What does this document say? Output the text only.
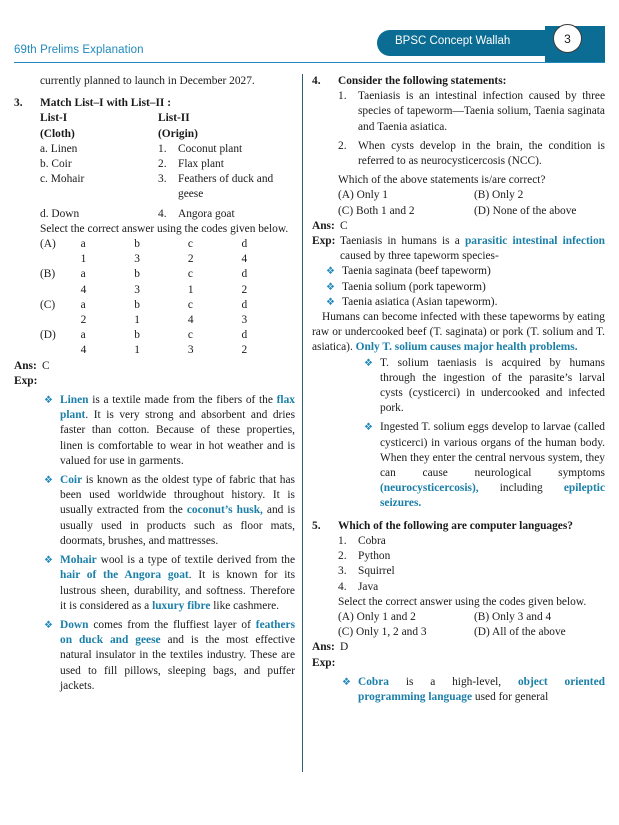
69th Prelims Explanation
BPSC Concept Wallah	3
currently planned to launch in December 2027.
3.	Match List–I with List–II :
List-I	List-II
(Cloth)	(Origin)
a. Linen	1.	Coconut plant
b. Coir	2.	Flax plant
c. Mohair	3.	Feathers of duck and
geese
d. Down	4.	Angora goat
Select the correct answer using the codes given below.
(A)	a	b	c	d
1	3	2	4
(B)	a	b	c	d
4	3	1	2
(C)	a	b	c	d
2	1	4	3
(D)	a	b	c	d
4	1	3	2
Ans: C
Exp:
❖ Linen is a textile made from the fibers of the flax plant. It is very strong and absorbent and dries faster than cotton. Because of these properties, linen is comfortable to wear in hot weather and is valued for use in garments.
❖ Coir is known as the oldest type of fabric that has been used worldwide throughout history. It is usually extracted from the coconut’s husk, and is usually used in products such as floor mats, doormats, brushes, and mattresses.
❖ Mohair wool is a type of textile derived from the hair of the Angora goat. It is known for its lustrous sheen, durability, and softness. Therefore it is considered as a luxury fibre like cashmere.
❖ Down comes from the fluffiest layer of feathers on duck and geese and is the most effective natural insulator in the textiles industry. These are used to fill pillows, sleeping bags, and puffer jackets.
4.	Consider the following statements:
1.	Taeniasis is an intestinal infection caused by three species of tapeworm—Taenia solium, Taenia saginata and Taenia asiatica.
2.	When cysts develop in the brain, the condition is referred to as neurocysticercosis (NCC).
Which of the above statements is/are correct?
(A) Only 1	(B) Only 2
(C) Both 1 and 2	(D) None of the above
Ans: C
Exp: Taeniasis in humans is a parasitic intestinal infection caused by three tapeworm species-
❖ Taenia saginata (beef tapeworm)
❖ Taenia solium (pork tapeworm)
❖ Taenia asiatica (Asian tapeworm).
Humans can become infected with these tapeworms by eating raw or undercooked beef (T. saginata) or pork (T. solium and T. asiatica). Only T. solium causes major health problems.
❖ T. solium taeniasis is acquired by humans through the ingestion of the parasite’s larval cysts (cysticerci) in undercooked and infected pork.
❖ Ingested T. solium eggs develop to larvae (called cysticerci) in various organs of the human body. When they enter the central nervous system, they can cause neurological symptoms (neurocysticercosis), including epileptic seizures.
5.	Which of the following are computer languages?
1.	Cobra
2.	Python
3.	Squirrel
4.	Java
Select the correct answer using the codes given below.
(A) Only 1 and 2	(B) Only 3 and 4
(C) Only 1, 2 and 3	(D) All of the above
Ans: D
Exp:
❖ Cobra is a high-level, object oriented programming language used for general
